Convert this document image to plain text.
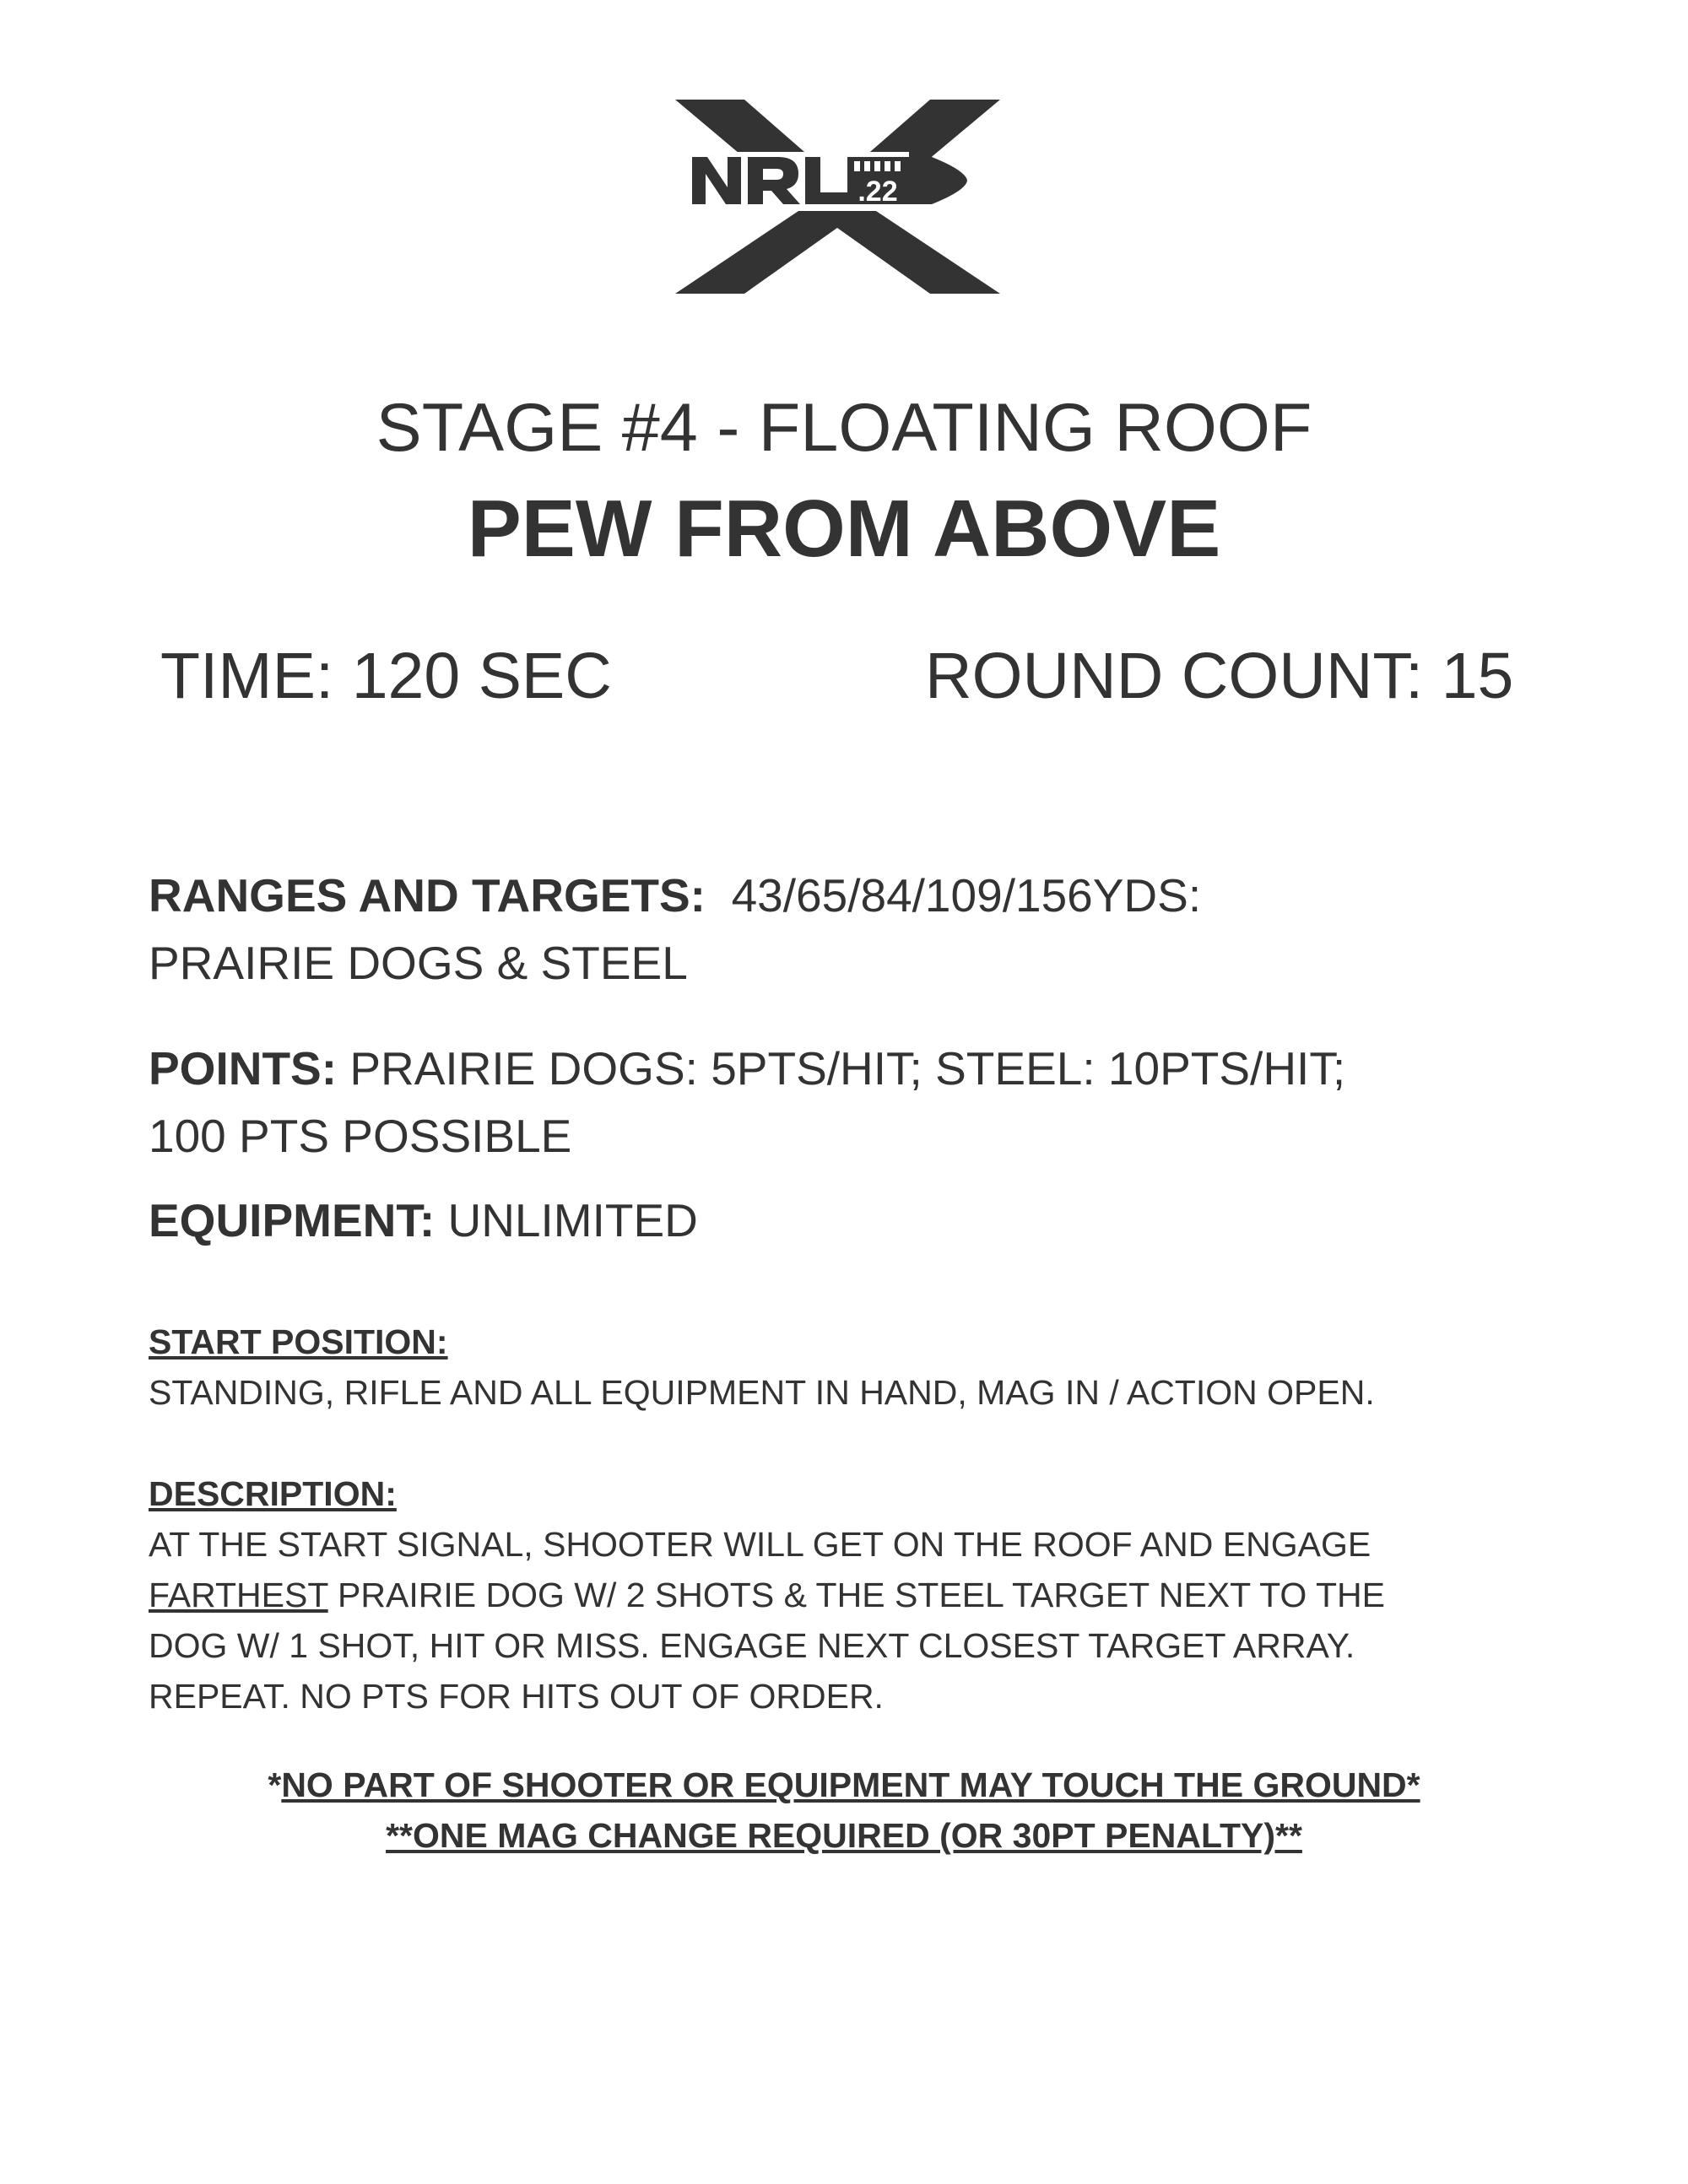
.22
NRL
STAGE #4 - FLOATING ROOF
PEW FROM ABOVE
TIME: 120 SEC	ROUND COUNT: 15
RANGES AND TARGETS: 43/65/84/109/156YDS:
PRAIRIE DOGS & STEEL
POINTS: PRAIRIE DOGS: 5PTS/HIT; STEEL: 10PTS/HIT;
100 PTS POSSIBLE
EQUIPMENT: UNLIMITED
START POSITION:
STANDING, RIFLE AND ALL EQUIPMENT IN HAND, MAG IN / ACTION OPEN.
DESCRIPTION:
AT THE START SIGNAL, SHOOTER WILL GET ON THE ROOF AND ENGAGE
FARTHEST PRAIRIE DOG W/ 2 SHOTS & THE STEEL TARGET NEXT TO THE
DOG W/ 1 SHOT, HIT OR MISS. ENGAGE NEXT CLOSEST TARGET ARRAY.
REPEAT. NO PTS FOR HITS OUT OF ORDER.
*NO PART OF SHOOTER OR EQUIPMENT MAY TOUCH THE GROUND*
**ONE MAG CHANGE REQUIRED (OR 30PT PENALTY)**
